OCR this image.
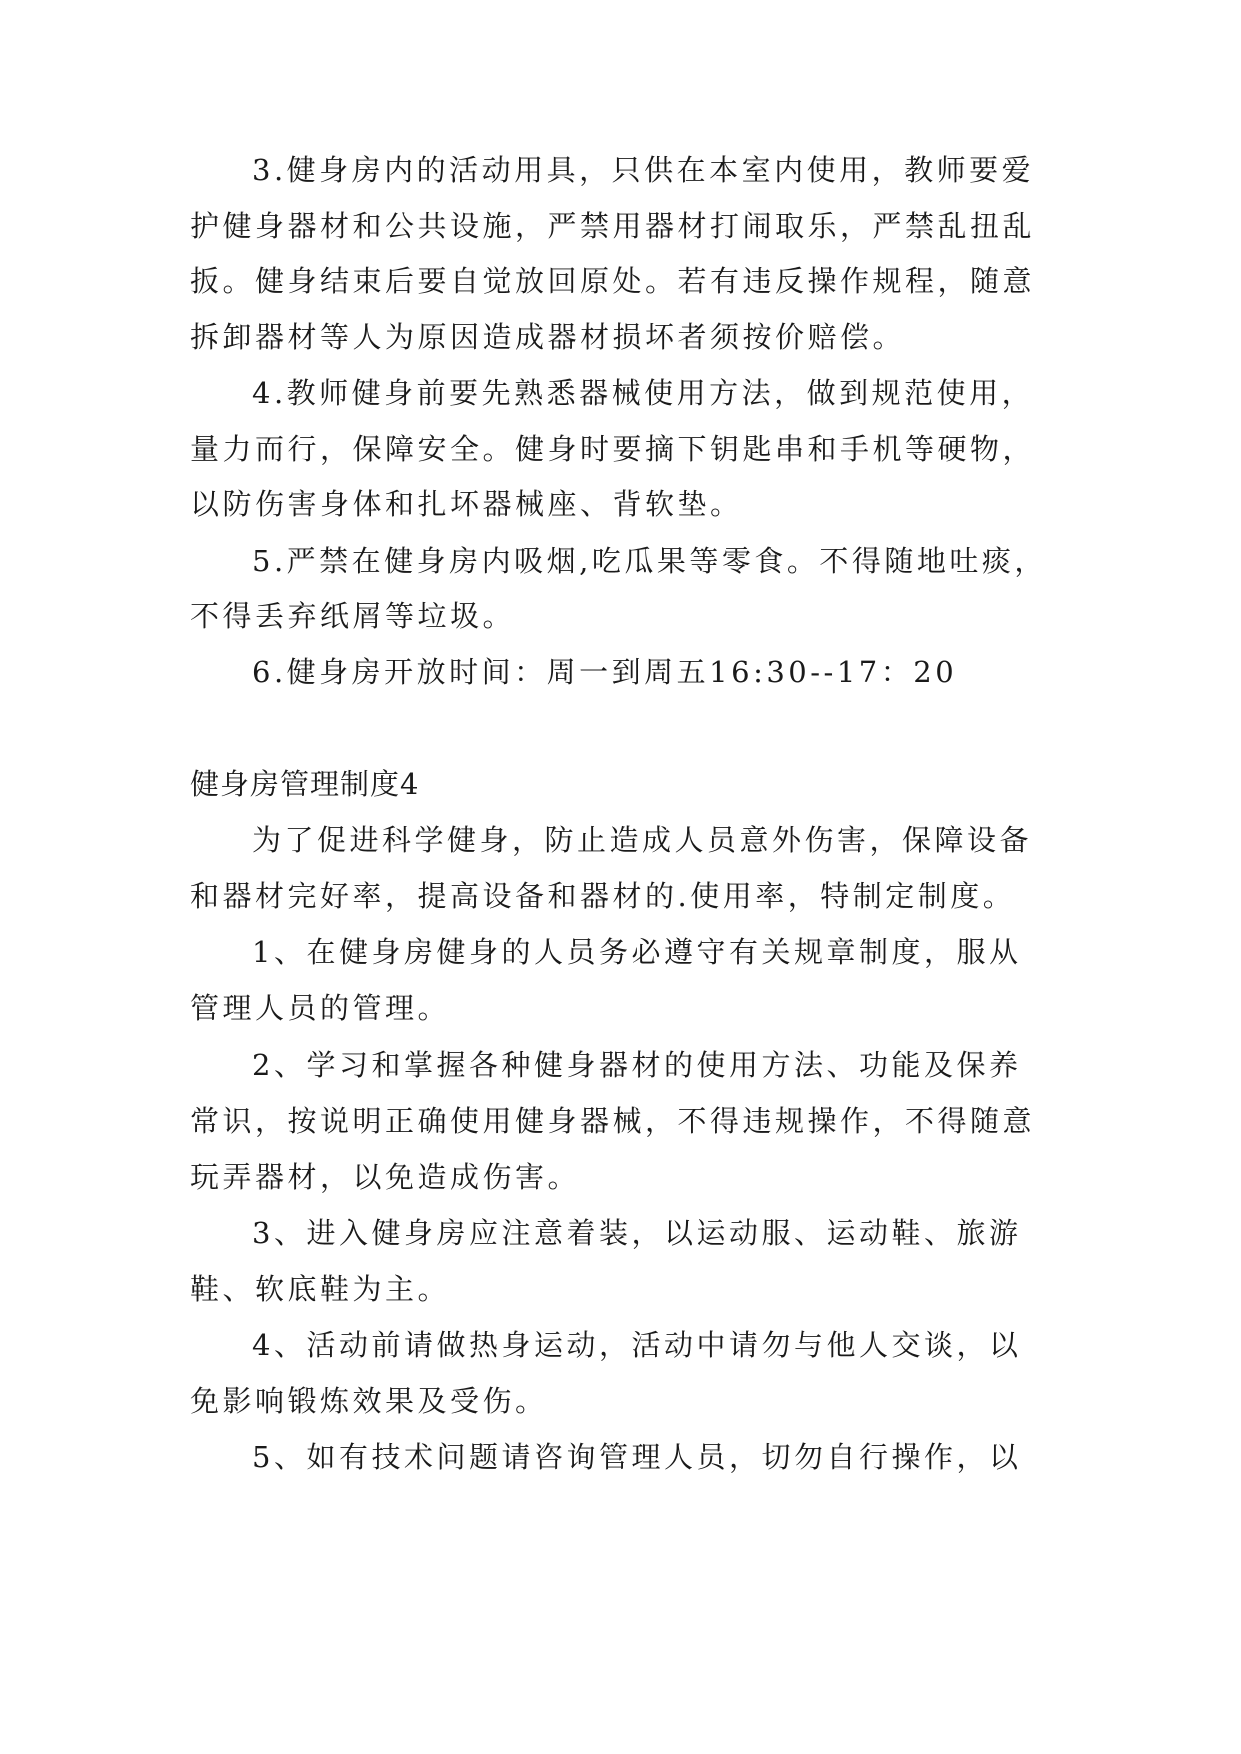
3.健身房内的活动用具，只供在本室内使用，教师要爱
护健身器材和公共设施，严禁用器材打闹取乐，严禁乱扭乱
扳。健身结束后要自觉放回原处。若有违反操作规程，随意
拆卸器材等人为原因造成器材损坏者须按价赔偿。
4.教师健身前要先熟悉器械使用方法，做到规范使用，
量力而行，保障安全。健身时要摘下钥匙串和手机等硬物，
以防伤害身体和扎坏器械座、背软垫。
5.严禁在健身房内吸烟,吃瓜果等零食。不得随地吐痰，
不得丢弃纸屑等垃圾。
6.健身房开放时间：周一到周五16:30--17：20
健身房管理制度4
为了促进科学健身，防止造成人员意外伤害，保障设备
和器材完好率，提高设备和器材的.使用率，特制定制度。
1、在健身房健身的人员务必遵守有关规章制度，服从
管理人员的管理。
2、学习和掌握各种健身器材的使用方法、功能及保养
常识，按说明正确使用健身器械，不得违规操作，不得随意
玩弄器材，以免造成伤害。
3、进入健身房应注意着装，以运动服、运动鞋、旅游
鞋、软底鞋为主。
4、活动前请做热身运动，活动中请勿与他人交谈，以
免影响锻炼效果及受伤。
5、如有技术问题请咨询管理人员，切勿自行操作，以
